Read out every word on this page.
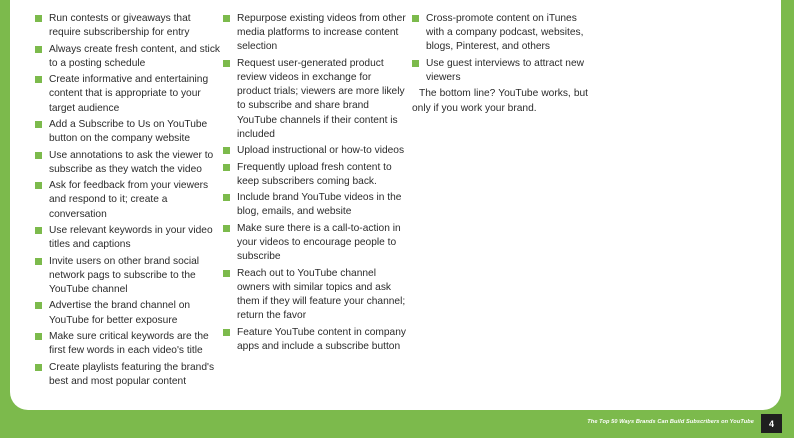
Run contests or giveaways that require subscribership for entry
Always create fresh content, and stick to a posting schedule
Create informative and entertaining content that is appropriate to your target audience
Add a Subscribe to Us on YouTube button on the company website
Use annotations to ask the viewer to subscribe as they watch the video
Ask for feedback from your viewers and respond to it; create a conversation
Use relevant keywords in your video titles and captions
Invite users on other brand social network pags to subscribe to the YouTube channel
Advertise the brand channel on YouTube for better exposure
Make sure critical keywords are the first few words in each video's title
Create playlists featuring the brand's best and most popular content
Repurpose existing videos from other media platforms to increase content selection
Request user-generated product review videos in exchange for product trials; viewers are more likely to subscribe and share brand YouTube channels if their content is included
Upload instructional or how-to videos
Frequently upload fresh content to keep subscribers coming back.
Include brand YouTube videos in the blog, emails, and website
Make sure there is a call-to-action in your videos to encourage people to subscribe
Reach out to YouTube channel owners with similar topics and ask them if they will feature your channel; return the favor
Feature YouTube content in company apps and include a subscribe button
Cross-promote content on iTunes with a company podcast, websites, blogs, Pinterest, and others
Use guest interviews to attract new viewers

The bottom line? YouTube works, but only if you work your brand.

The Top 50 Ways Brands Can Build Subscribers on YouTube	4
